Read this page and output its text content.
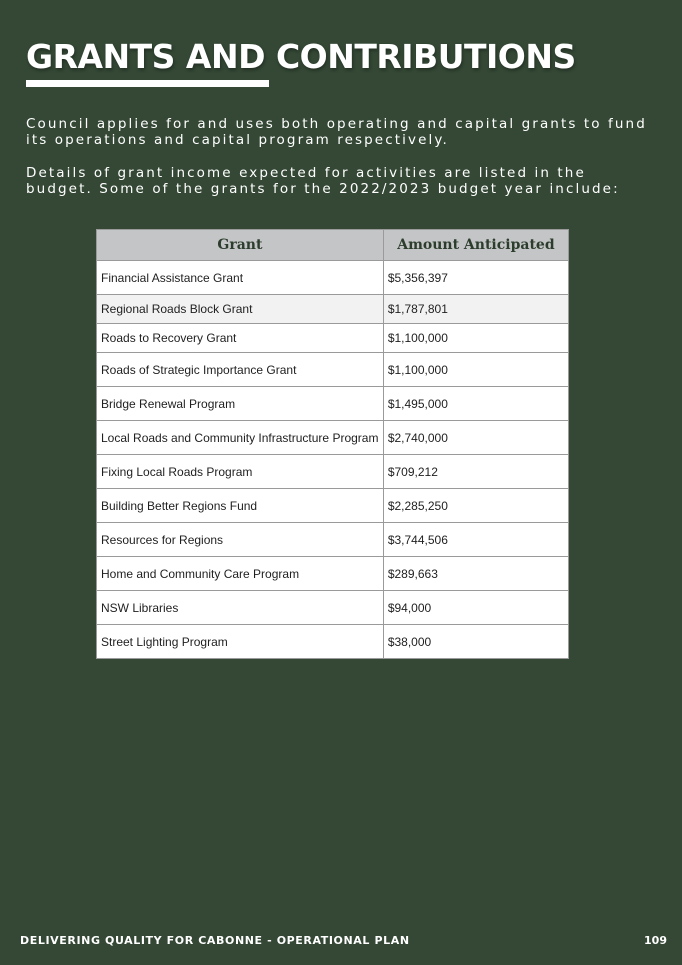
GRANTS AND CONTRIBUTIONS

Council applies for and uses both operating and capital grants to fund its operations and capital program respectively.

Details of grant income expected for activities are listed in the budget. Some of the grants for the 2022/2023 budget year include:

Grant	Amount Anticipated
Financial Assistance Grant	$5,356,397
Regional Roads Block Grant	$1,787,801
Roads to Recovery Grant	$1,100,000
Roads of Strategic Importance Grant	$1,100,000
Bridge Renewal Program	$1,495,000
Local Roads and Community Infrastructure Program	$2,740,000
Fixing Local Roads Program	$709,212
Building Better Regions Fund	$2,285,250
Resources for Regions	$3,744,506
Home and Community Care Program	$289,663
NSW Libraries	$94,000
Street Lighting Program	$38,000
DELIVERING QUALITY FOR CABONNE - OPERATIONAL PLAN	109
